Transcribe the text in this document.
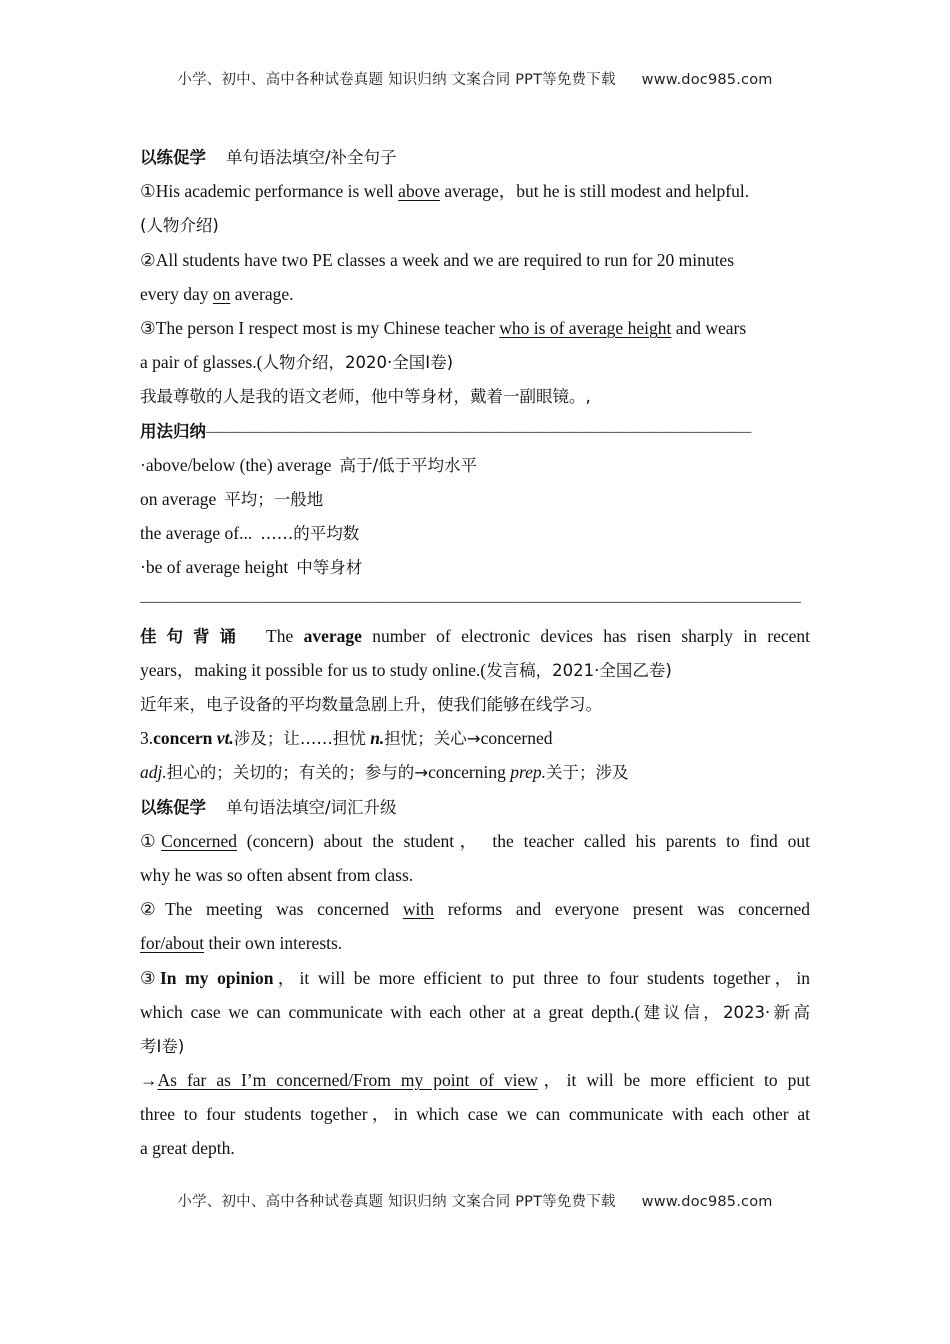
小学、初中、高中各种试卷真题 知识归纳 文案合同 PPT等免费下载 www.doc985.com
以练促学 单句语法填空/补全句子
①His academic performance is well above average，but he is still modest and helpful.
(人物介绍)
②All students have two PE classes a week and we are required to run for 20 minutes
every day on average.
③The person I respect most is my Chinese teacher who is of average height and wears
a pair of glasses.(人物介绍，2020·全国Ⅰ卷)
我最尊敬的人是我的语文老师，他中等身材，戴着一副眼镜。,
用法归纳—————————————————————————————————
·above/below (the) average 高于/低于平均水平
on average 平均；一般地
the average of... ……的平均数
·be of average height 中等身材
————————————————————————————————————————
佳句背诵 The average number of electronic devices has risen sharply in recent
years，making it possible for us to study online.(发言稿，2021·全国乙卷)
近年来，电子设备的平均数量急剧上升，使我们能够在线学习。
3.concern vt.涉及；让……担忧 n.担忧；关心→concerned
adj.担心的；关切的；有关的；参与的→concerning prep.关于；涉及
以练促学 单句语法填空/词汇升级
①Concerned (concern) about the student， the teacher called his parents to find out
why he was so often absent from class.
②The meeting was concerned with reforms and everyone present was concerned
for/about their own interests.
③In my opinion，it will be more efficient to put three to four students together，in
which case we can communicate with each other at a great depth.(建议信，2023·新高
考Ⅰ卷)
→As far as I’m concerned/From my point of view，it will be more efficient to put
three to four students together，in which case we can communicate with each other at
a great depth.
小学、初中、高中各种试卷真题 知识归纳 文案合同 PPT等免费下载 www.doc985.com
